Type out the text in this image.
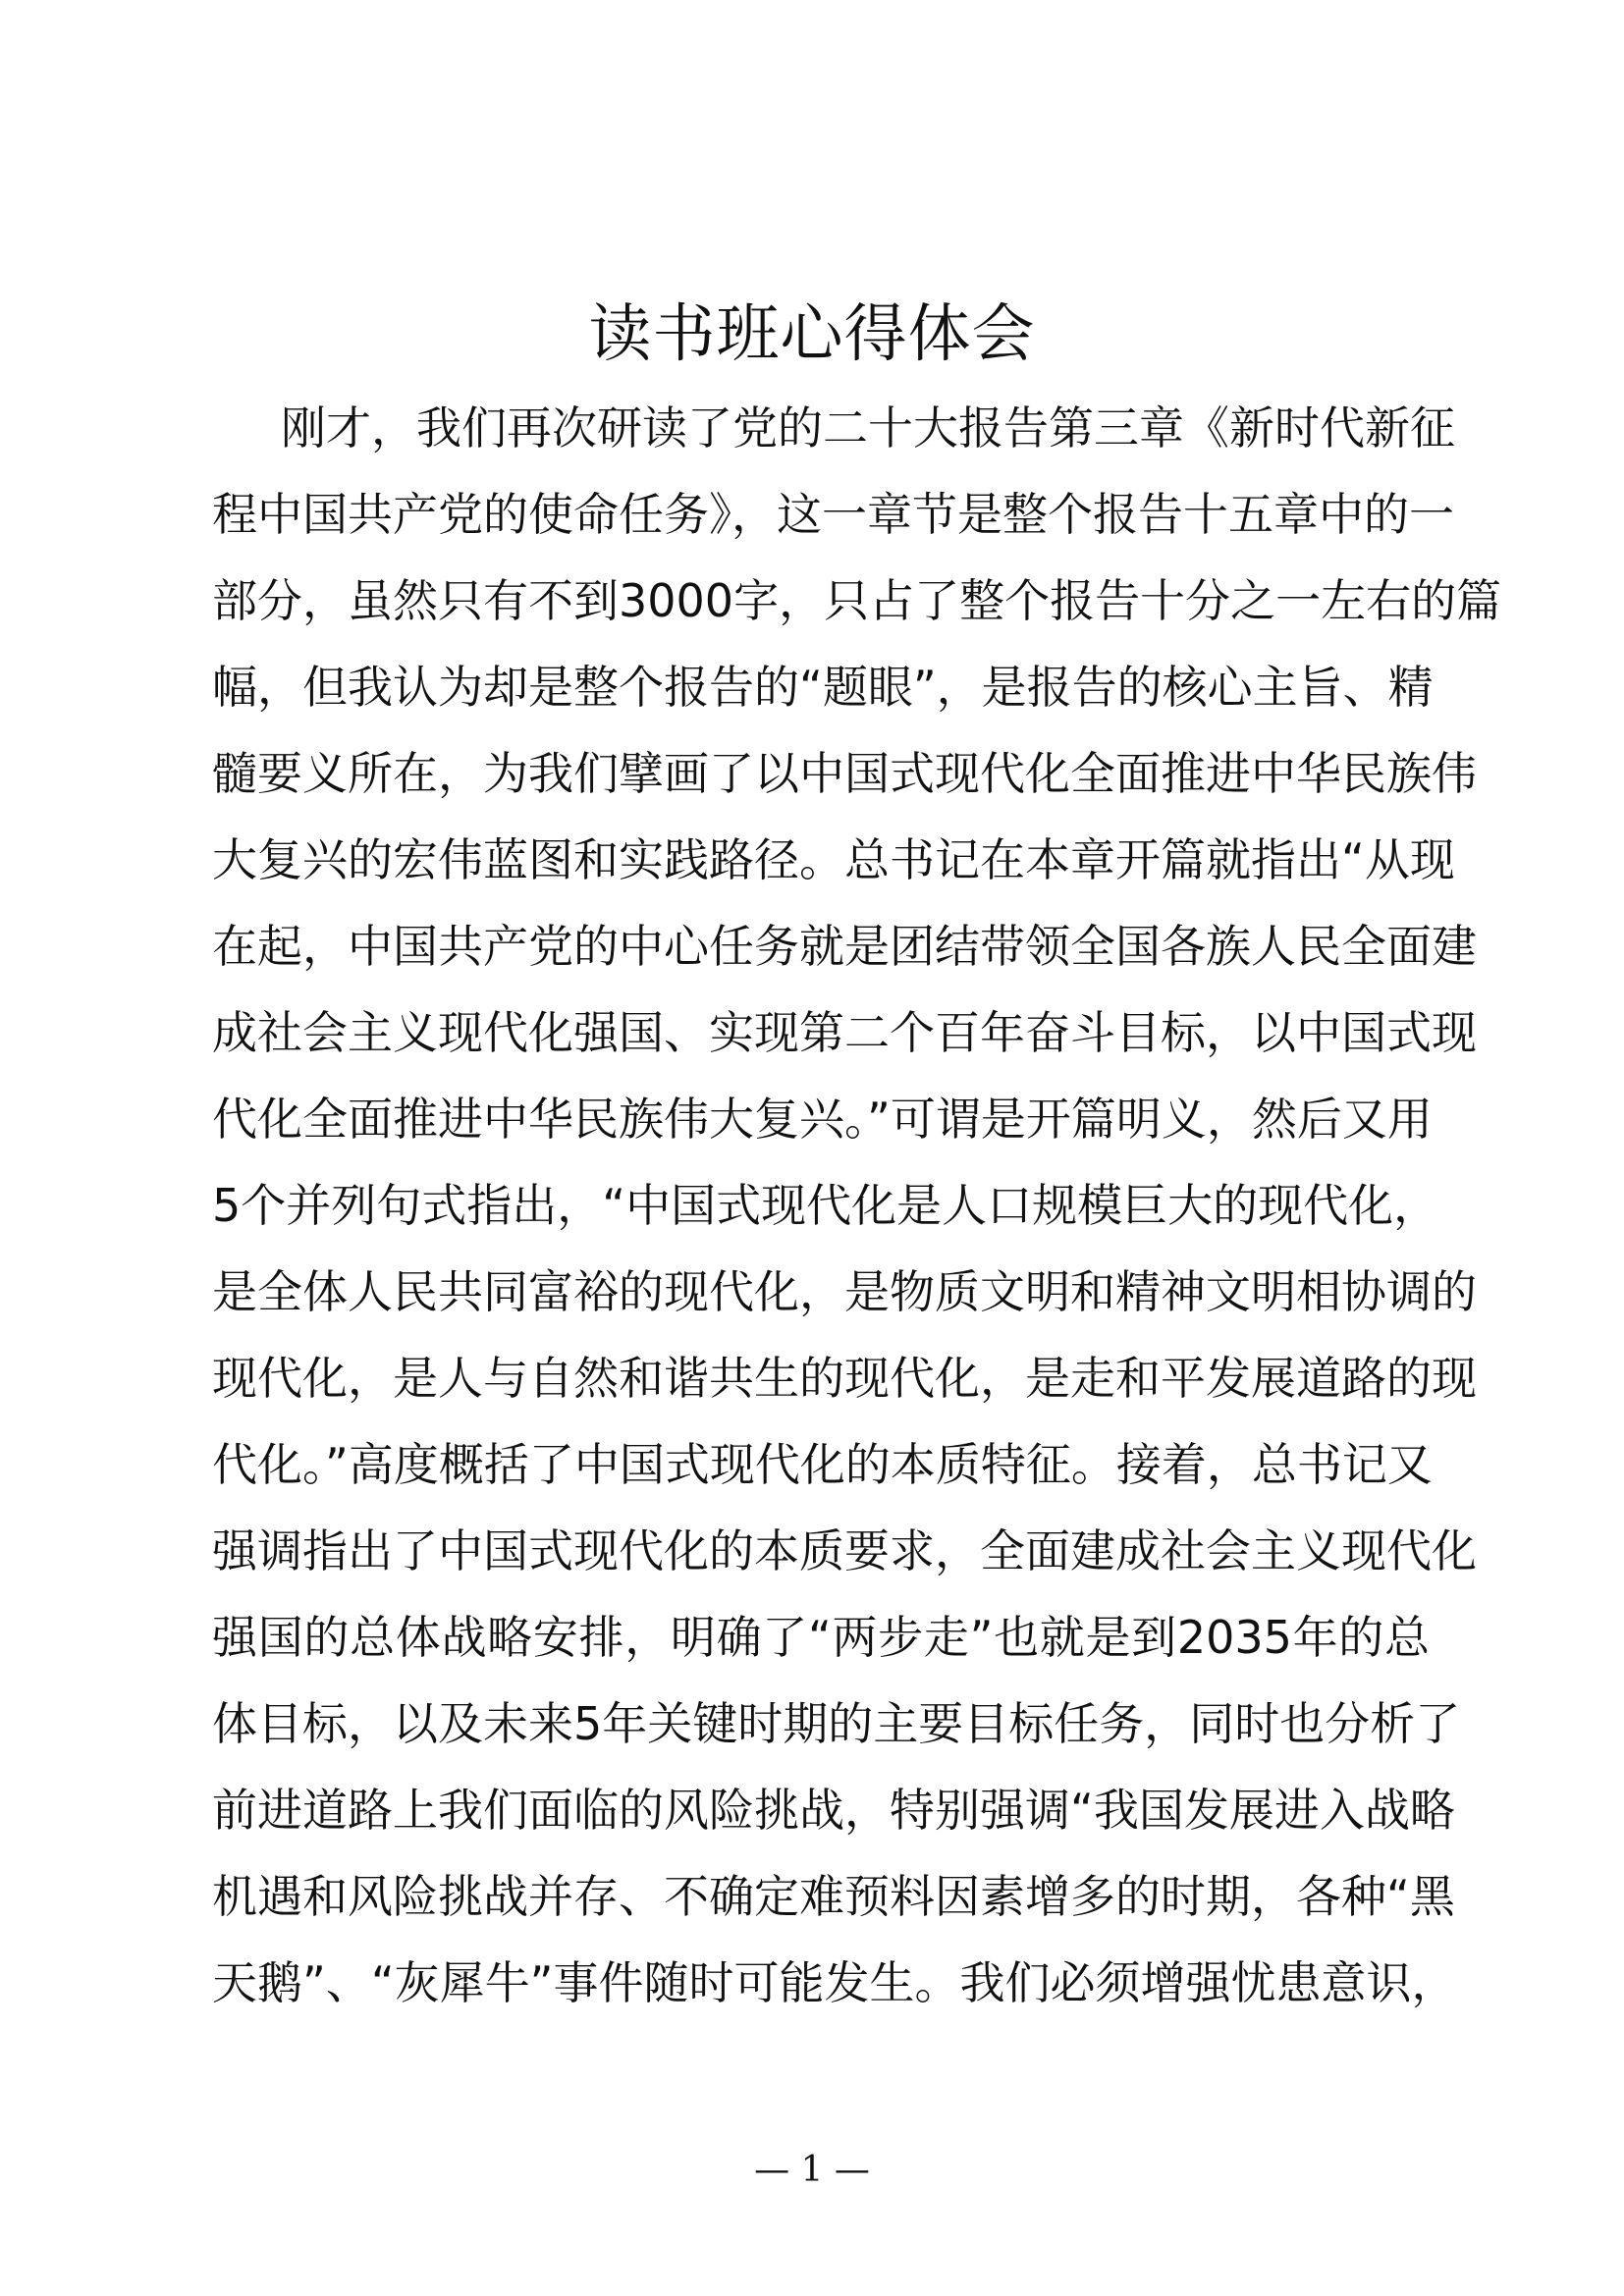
读书班心得体会
刚才，我们再次研读了党的二十大报告第三章《新时代新征
程中国共产党的使命任务》，这一章节是整个报告十五章中的一
部分，虽然只有不到3000字，只占了整个报告十分之一左右的篇
幅，但我认为却是整个报告的“题眼”，是报告的核心主旨、精
髓要义所在，为我们擘画了以中国式现代化全面推进中华民族伟
大复兴的宏伟蓝图和实践路径。总书记在本章开篇就指出“从现
在起，中国共产党的中心任务就是团结带领全国各族人民全面建
成社会主义现代化强国、实现第二个百年奋斗目标，以中国式现
代化全面推进中华民族伟大复兴。”可谓是开篇明义，然后又用
5个并列句式指出，“中国式现代化是人口规模巨大的现代化，
是全体人民共同富裕的现代化，是物质文明和精神文明相协调的
现代化，是人与自然和谐共生的现代化，是走和平发展道路的现
代化。”高度概括了中国式现代化的本质特征。接着，总书记又
强调指出了中国式现代化的本质要求，全面建成社会主义现代化
强国的总体战略安排，明确了“两步走”也就是到2035年的总
体目标，以及未来5年关键时期的主要目标任务，同时也分析了
前进道路上我们面临的风险挑战，特别强调“我国发展进入战略
机遇和风险挑战并存、不确定难预料因素增多的时期，各种“黑
天鹅”、“灰犀牛”事件随时可能发生。我们必须增强忧患意识，
— 1 —
